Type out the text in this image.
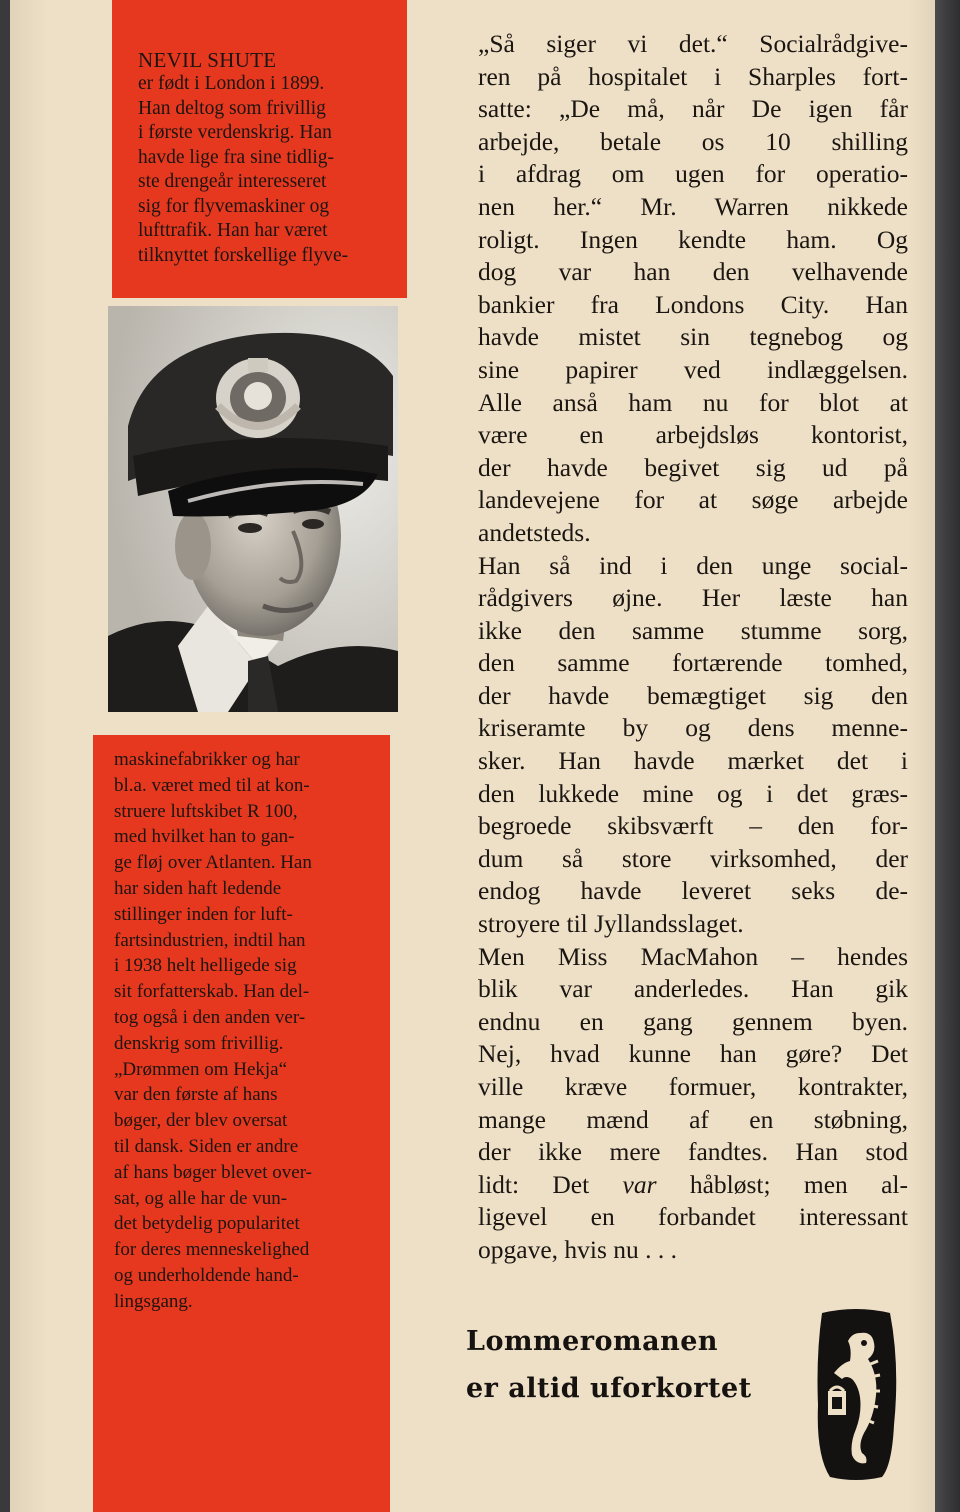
NEVIL SHUTE

er født i London i 1899.
Han deltog som frivillig
i første verdenskrig. Han
havde lige fra sine tidlig-
ste drengeår interesseret
sig for flyvemaskiner og
lufttrafik. Han har været
tilknyttet forskellige flyve-
maskinefabrikker og har
bl.a. været med til at kon-
struere luftskibet R 100,
med hvilket han to gan-
ge fløj over Atlanten. Han
har siden haft ledende
stillinger inden for luft-
fartsindustrien, indtil han
i 1938 helt helligede sig
sit forfatterskab. Han del-
tog også i den anden ver-
denskrig som frivillig.
„Drømmen om Hekja“
var den første af hans
bøger, der blev oversat
til dansk. Siden er andre
af hans bøger blevet over-
sat, og alle har de vun-
det betydelig popularitet
for deres menneskelighed
og underholdende hand-
lingsgang.
„Så siger vi det.“ Socialrådgive-
ren på hospitalet i Sharples fort-
satte: „De må, når De igen får
arbejde, betale os 10 shilling
i afdrag om ugen for operatio-
nen her.“ Mr. Warren nikkede
roligt. Ingen kendte ham. Og
dog var han den velhavende
bankier fra Londons City. Han
havde mistet sin tegnebog og
sine papirer ved indlæggelsen.
Alle anså ham nu for blot at
være en arbejdsløs kontorist,
der havde begivet sig ud på
landevejene for at søge arbejde
andetsteds.
Han så ind i den unge social-
rådgivers øjne. Her læste han
ikke den samme stumme sorg,
den samme fortærende tomhed,
der havde bemægtiget sig den
kriseramte by og dens menne-
sker. Han havde mærket det i
den lukkede mine og i det græs-
begroede skibsværft – den for-
dum så store virksomhed, der
endog havde leveret seks de-
stroyere til Jyllandsslaget.
Men Miss MacMahon – hendes
blik var anderledes. Han gik
endnu en gang gennem byen.
Nej, hvad kunne han gøre? Det
ville kræve formuer, kontrakter,
mange mænd af en støbning,
der ikke mere fandtes. Han stod
lidt: Det var håbløst; men al-
ligevel en forbandet interessant
opgave, hvis nu . . .
Lommeromanen
er altid uforkortet
